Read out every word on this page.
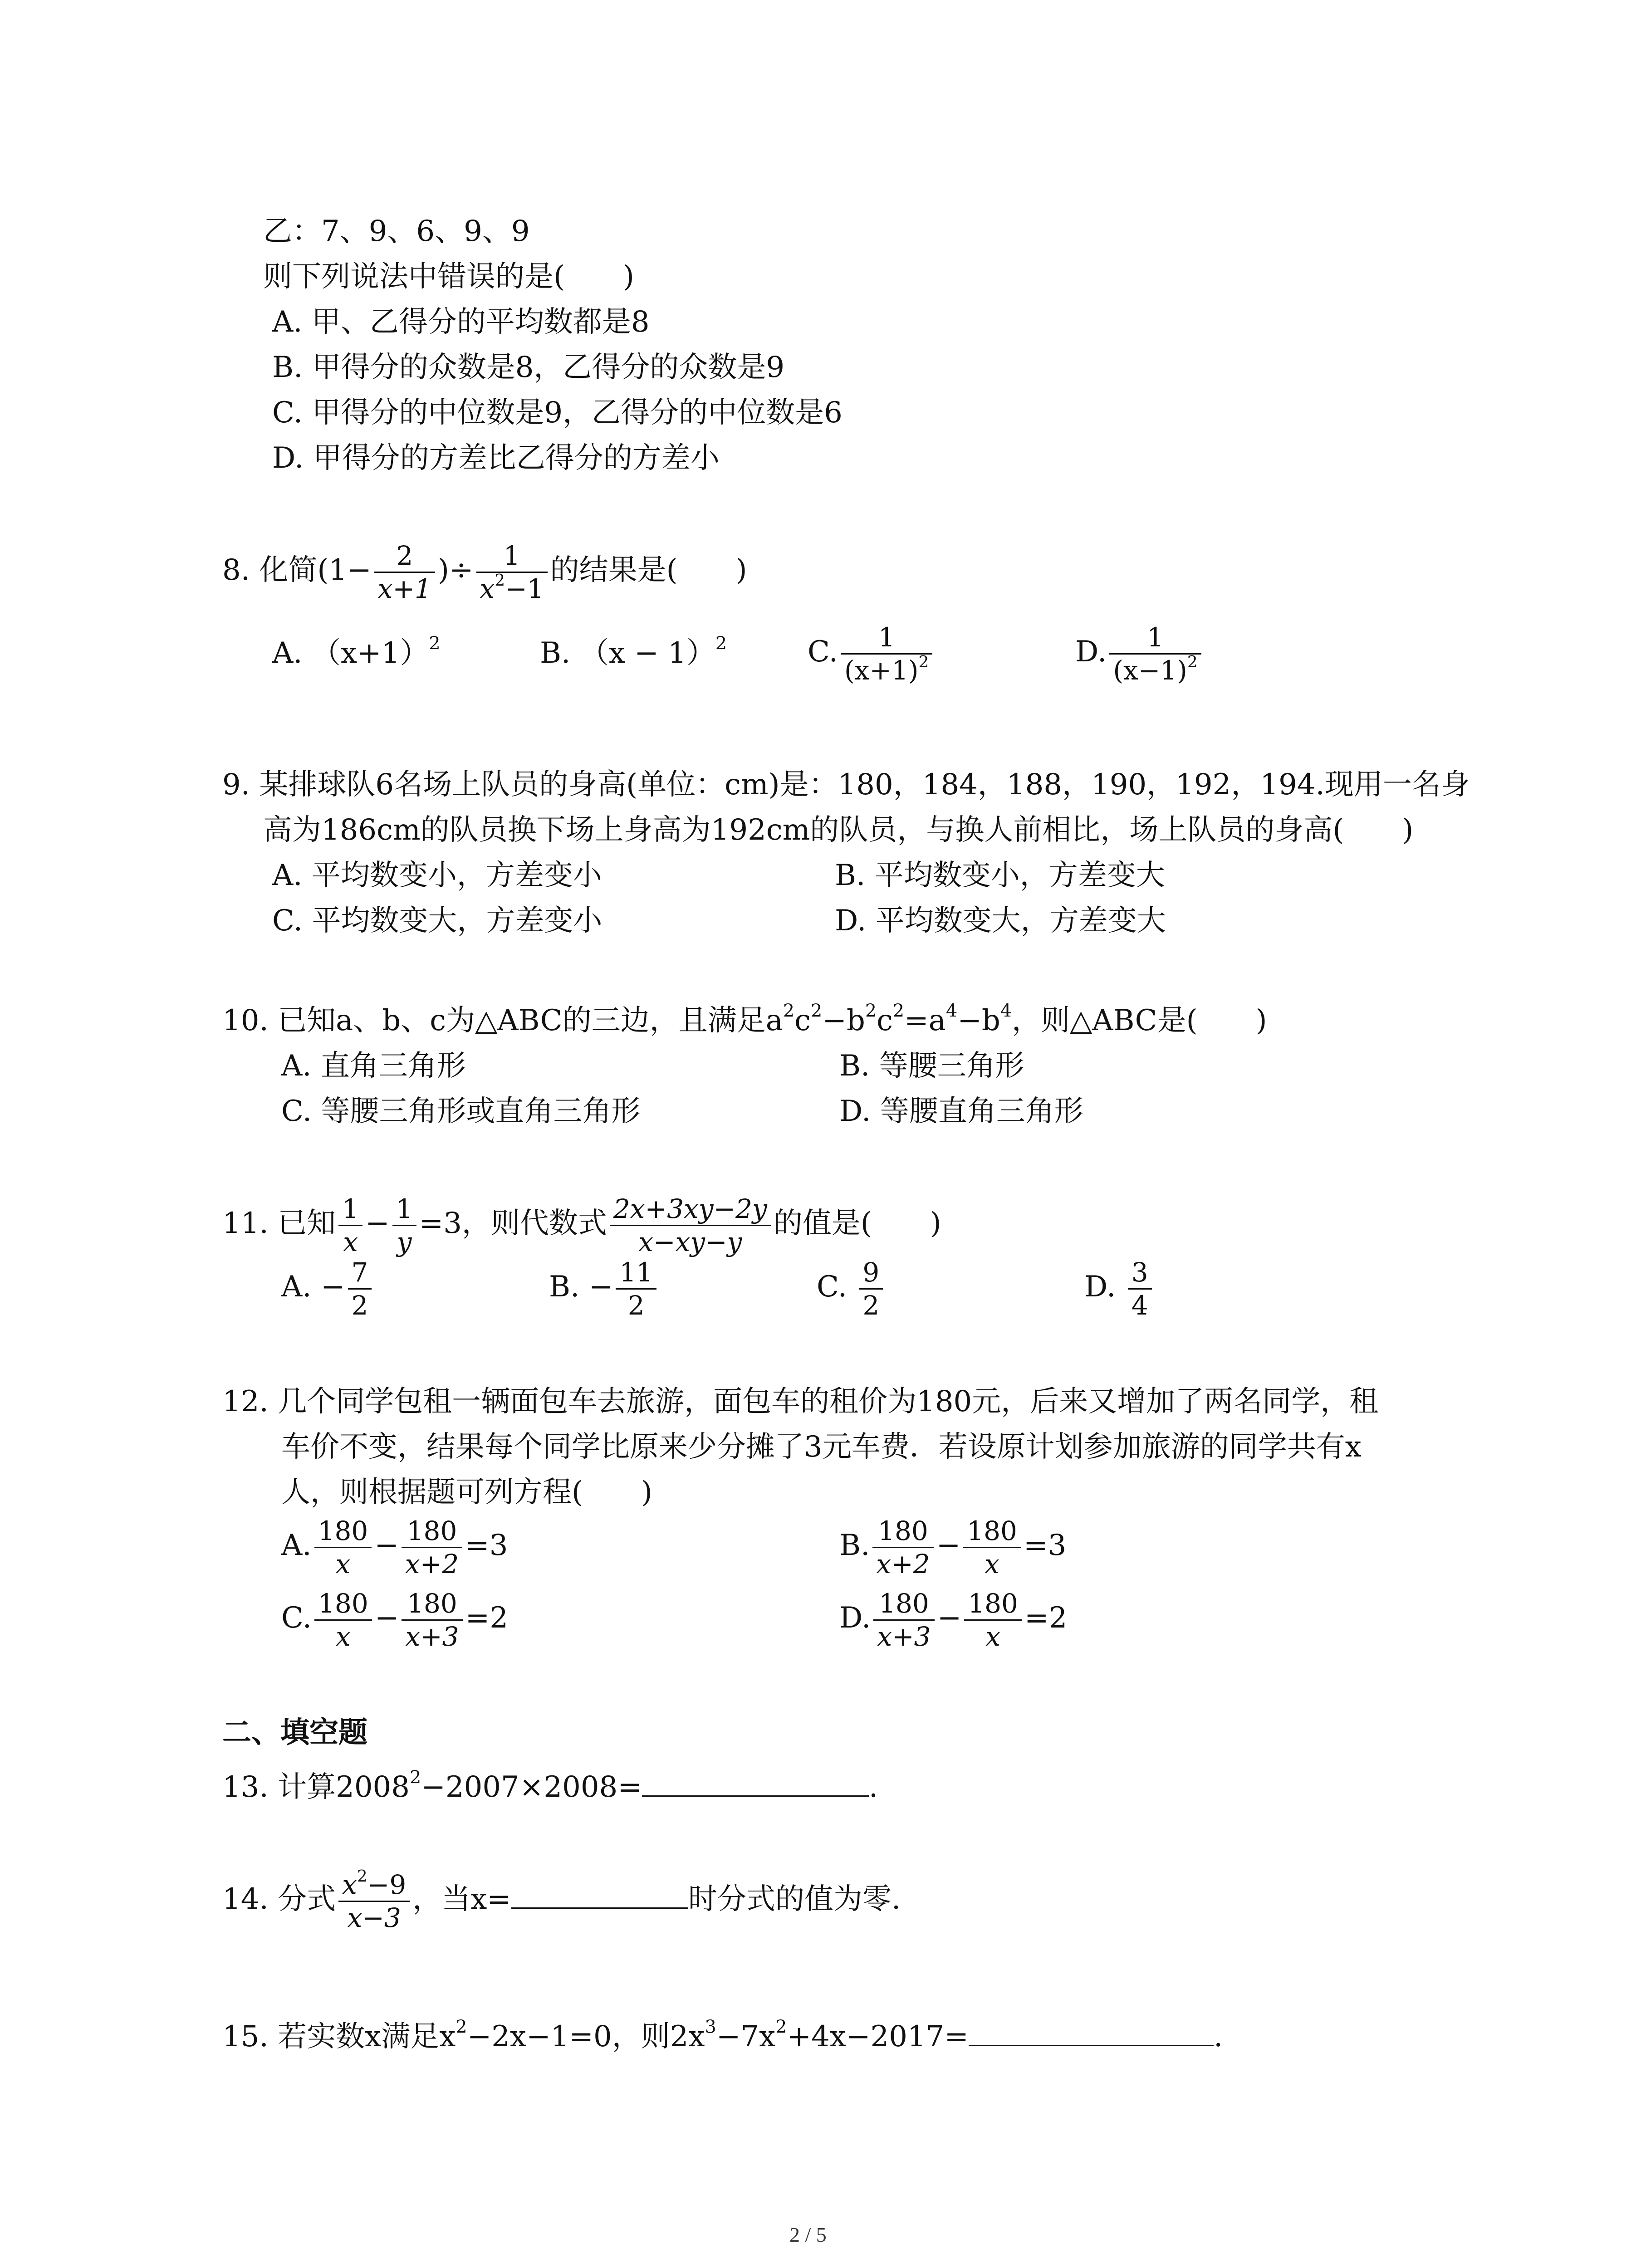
乙：7、9、6、9、9
则下列说法中错误的是(　　)
A. 甲、乙得分的平均数都是8
B. 甲得分的众数是8，乙得分的众数是9
C. 甲得分的中位数是9，乙得分的中位数是6
D. 甲得分的方差比乙得分的方差小
8. 化简($1- \frac{2}{x+1}$ )÷ $\frac{1}{x^2-1}$ 的结果是(　　)
A. $(x+1)^2$	B. $(x - 1)^2$	C. $\frac{1}{(x+1)^2}$	D. $\frac{1}{(x-1)^2}$
9. 某排球队6名场上队员的身高(单位：cm)是：180，184，188，190，192，194.现用一名身
高为186cm的队员换下场上身高为192cm的队员，与换人前相比，场上队员的身高(　　)
A. 平均数变小，方差变小	B. 平均数变小，方差变大
C. 平均数变大，方差变小	D. 平均数变大，方差变大
10. 已知a、b、c为△ABC的三边，且满足$a^2c^2-b^2c^2=a^4-b^4$，则△ABC是(　　)
A. 直角三角形	B. 等腰三角形
C. 等腰三角形或直角三角形	D. 等腰直角三角形
11. 已知 $\frac{1}{x} - \frac{1}{y} =3$，则代数式 $\frac{2x+3xy-2y}{x-xy-y}$ 的值是(　　)
A. − $\frac{7}{2}$	B. − $\frac{11}{2}$	C. $\frac{9}{2}$	D. $\frac{3}{4}$
12. 几个同学包租一辆面包车去旅游，面包车的租价为180元，后来又增加了两名同学，租
车价不变，结果每个同学比原来少分摊了3元车费．若设原计划参加旅游的同学共有x
人，则根据题可列方程(　　)
A. $\frac{180}{x} - \frac{180}{x+2} =3$	B. $\frac{180}{x+2} - \frac{180}{x} =3$
C. $\frac{180}{x} - \frac{180}{x+3} =2$	D. $\frac{180}{x+3} - \frac{180}{x} =2$
二、填空题
13. 计算$2008^2-2007\times 2008=$	.
14. 分式 $\frac{x^2-9}{x-3}$ ，当x=	时分式的值为零.
15. 若实数x满足$x^2-2x-1=0$，则$2x^3-7x^2+4x-2017=$	.
2 / 5
